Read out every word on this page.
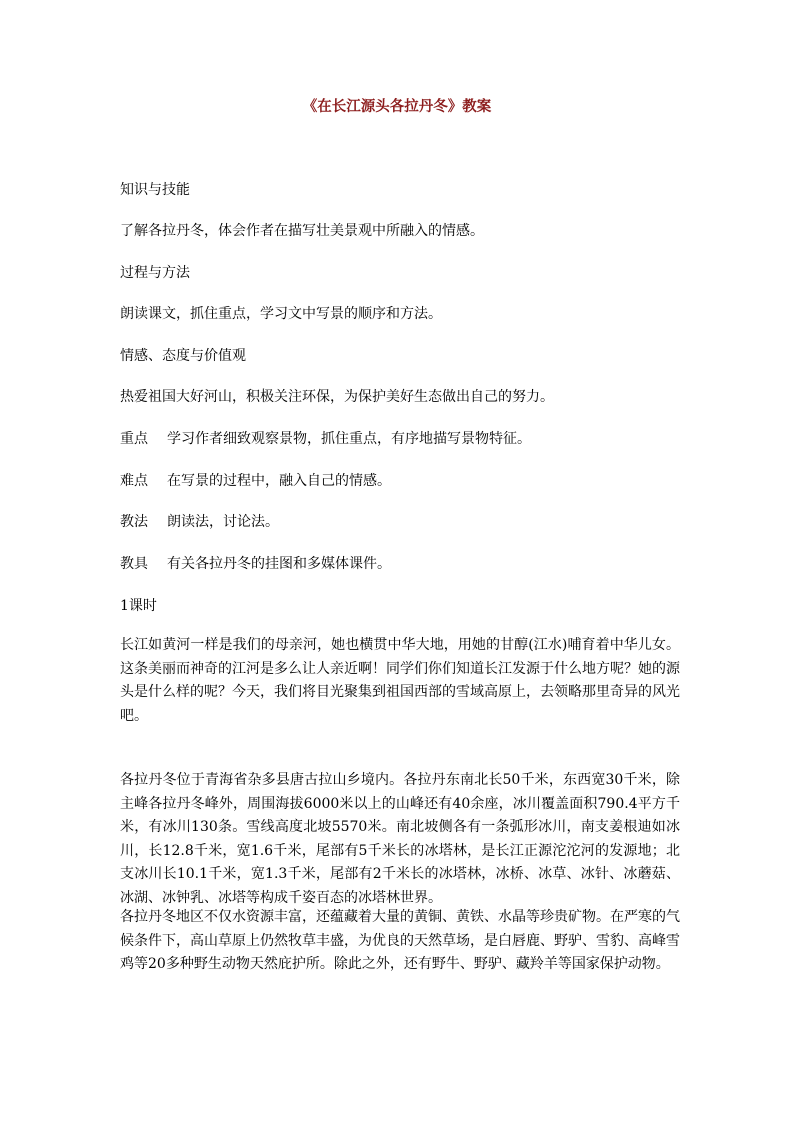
《在长江源头各拉丹冬》教案
知识与技能
了解各拉丹冬，体会作者在描写壮美景观中所融入的情感。
过程与方法
朗读课文，抓住重点，学习文中写景的顺序和方法。
情感、态度与价值观
热爱祖国大好河山，积极关注环保，为保护美好生态做出自己的努力。
重点 学习作者细致观察景物，抓住重点，有序地描写景物特征。
难点 在写景的过程中，融入自己的情感。
教法 朗读法，讨论法。
教具 有关各拉丹冬的挂图和多媒体课件。
1课时
长江如黄河一样是我们的母亲河，她也横贯中华大地，用她的甘醇(江水)哺育着中华儿女。这条美丽而神奇的江河是多么让人亲近啊！同学们你们知道长江发源于什么地方呢？她的源头是什么样的呢？今天，我们将目光聚集到祖国西部的雪域高原上，去领略那里奇异的风光吧。
各拉丹冬位于青海省杂多县唐古拉山乡境内。各拉丹东南北长50千米，东西宽30千米，除主峰各拉丹冬峰外，周围海拔6000米以上的山峰还有40余座，冰川覆盖面积790.4平方千米，有冰川130条。雪线高度北坡5570米。南北坡侧各有一条弧形冰川，南支姜根迪如冰川，长12.8千米，宽1.6千米，尾部有5千米长的冰塔林，是长江正源沱沱河的发源地；北支冰川长10.1千米，宽1.3千米，尾部有2千米长的冰塔林，冰桥、冰草、冰针、冰蘑菇、冰湖、冰钟乳、冰塔等构成千姿百态的冰塔林世界。
各拉丹冬地区不仅水资源丰富，还蕴藏着大量的黄铜、黄铁、水晶等珍贵矿物。在严寒的气候条件下，高山草原上仍然牧草丰盛，为优良的天然草场，是白唇鹿、野驴、雪豹、高峰雪鸡等20多种野生动物天然庇护所。除此之外，还有野牛、野驴、藏羚羊等国家保护动物。
